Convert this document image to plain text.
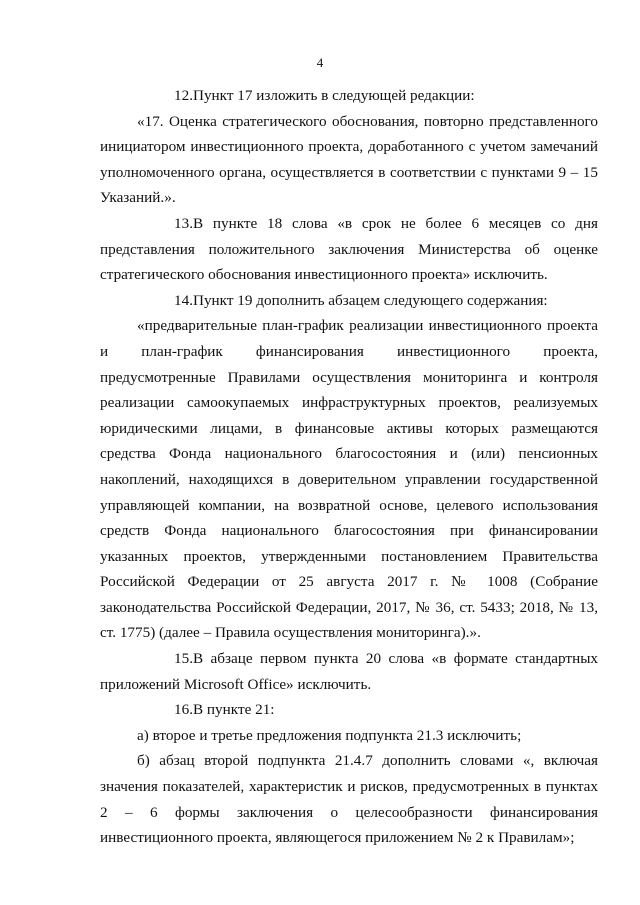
4

12.Пункт 17 изложить в следующей редакции:

«17. Оценка стратегического обоснования, повторно представленного инициатором инвестиционного проекта, доработанного с учетом замечаний уполномоченного органа, осуществляется в соответствии с пунктами 9 – 15 Указаний.».

13.В пункте 18 слова «в срок не более 6 месяцев со дня представления положительного заключения Министерства об оценке стратегического обоснования инвестиционного проекта» исключить.

14.Пункт 19 дополнить абзацем следующего содержания:

«предварительные план-график реализации инвестиционного проекта и план-график финансирования инвестиционного проекта, предусмотренные Правилами осуществления мониторинга и контроля реализации самоокупаемых инфраструктурных проектов, реализуемых юридическими лицами, в финансовые активы которых размещаются средства Фонда национального благосостояния и (или) пенсионных накоплений, находящихся в доверительном управлении государственной управляющей компании, на возвратной основе, целевого использования средств Фонда национального благосостояния при финансировании указанных проектов, утвержденными постановлением Правительства Российской Федерации от 25 августа 2017 г. № 1008 (Собрание законодательства Российской Федерации, 2017, № 36, ст. 5433; 2018, № 13, ст. 1775) (далее – Правила осуществления мониторинга).».

15.В абзаце первом пункта 20 слова «в формате стандартных приложений Microsoft Office» исключить.

16.В пункте 21:

а) второе и третье предложения подпункта 21.3 исключить;

б) абзац второй подпункта 21.4.7 дополнить словами «, включая значения показателей, характеристик и рисков, предусмотренных в пунктах 2 – 6 формы заключения о целесообразности финансирования инвестиционного проекта, являющегося приложением № 2 к Правилам»;
